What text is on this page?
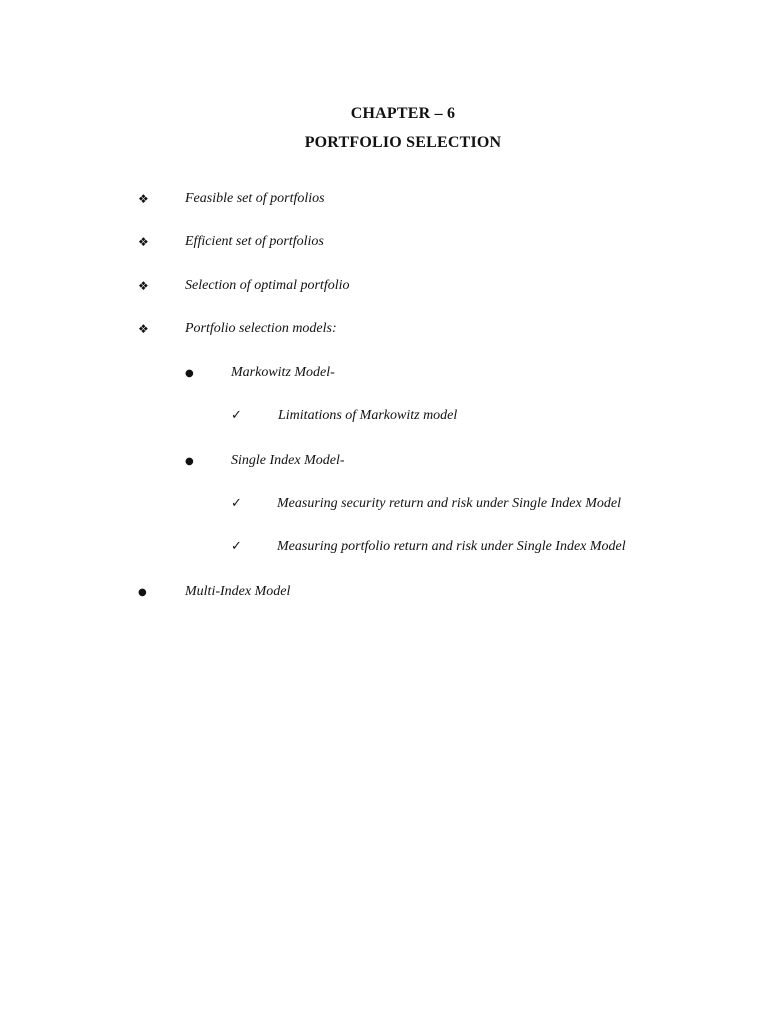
CHAPTER – 6
PORTFOLIO SELECTION
❖	Feasible set of portfolios
❖	Efficient set of portfolios
❖	Selection of optimal portfolio
❖	Portfolio selection models:
●	Markowitz Model-
✓	Limitations of Markowitz model
●	Single Index Model-
✓	Measuring security return and risk under Single Index Model
✓	Measuring portfolio return and risk under Single Index Model
●	Multi-Index Model
